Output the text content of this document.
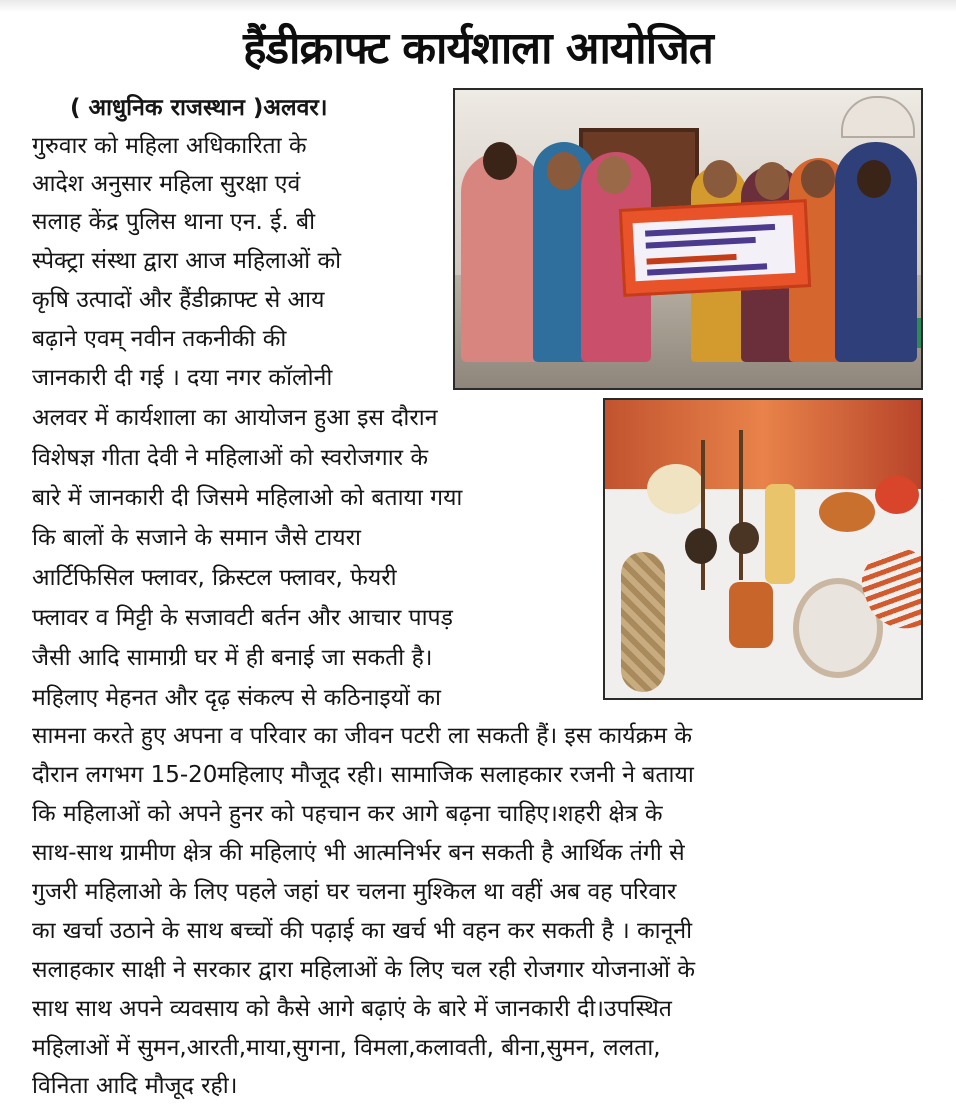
हैंडीक्राफ्ट कार्यशाला आयोजित
( आधुनिक राजस्थान )अलवर।
गुरुवार को महिला अधिकारिता के
आदेश अनुसार महिला सुरक्षा एवं
सलाह केंद्र पुलिस थाना एन. ई. बी
स्पेक्ट्रा संस्था द्वारा आज महिलाओं को
कृषि उत्पादों और हैंडीक्राफ्ट से आय
बढ़ाने एवम् नवीन तकनीकी की
जानकारी दी गई । दया नगर कॉलोनी
अलवर में कार्यशाला का आयोजन हुआ इस दौरान
विशेषज्ञ गीता देवी ने महिलाओं को स्वरोजगार के
बारे में जानकारी दी जिसमे महिलाओ को बताया गया
कि बालों के सजाने के समान जैसे टायरा
आर्टिफिसिल फ्लावर, क्रिस्टल फ्लावर, फेयरी
फ्लावर व मिट्टी के सजावटी बर्तन और आचार पापड़
जैसी आदि सामाग्री घर में ही बनाई जा सकती है।
महिलाए मेहनत और दृढ़ संकल्प से कठिनाइयों का
सामना करते हुए अपना व परिवार का जीवन पटरी ला सकती हैं। इस कार्यक्रम के
दौरान लगभग 15-20महिलाए मौजूद रही। सामाजिक सलाहकार रजनी ने बताया
कि महिलाओं को अपने हुनर को पहचान कर आगे बढ़ना चाहिए।शहरी क्षेत्र के
साथ-साथ ग्रामीण क्षेत्र की महिलाएं भी आत्मनिर्भर बन सकती है आर्थिक तंगी से
गुजरी महिलाओ के लिए पहले जहां घर चलना मुश्किल था वहीं अब वह परिवार
का खर्चा उठाने के साथ बच्चों की पढ़ाई का खर्च भी वहन कर सकती है । कानूनी
सलाहकार साक्षी ने सरकार द्वारा महिलाओं के लिए चल रही रोजगार योजनाओं के
साथ साथ अपने व्यवसाय को कैसे आगे बढ़ाएं के बारे में जानकारी दी।उपस्थित
महिलाओं में सुमन,आरती,माया,सुगना, विमला,कलावती, बीना,सुमन, ललता,
विनिता आदि मौजूद रही।
